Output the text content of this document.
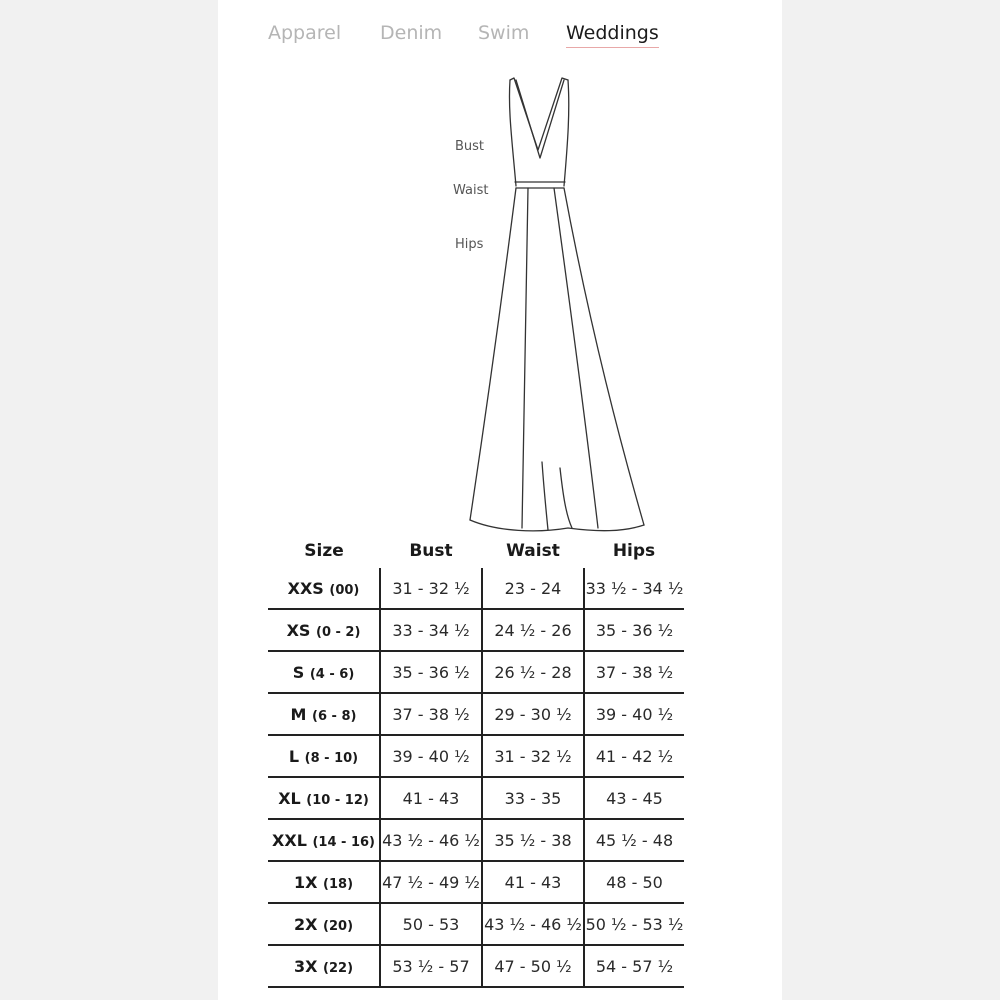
Apparel Denim Swim Weddings
Bust
Waist
Hips
Size	Bust	Waist	Hips
XXS (00)	31 - 32 ½	23 - 24	33 ½ - 34 ½
XS (0 - 2)	33 - 34 ½	24 ½ - 26	35 - 36 ½
S (4 - 6)	35 - 36 ½	26 ½ - 28	37 - 38 ½
M (6 - 8)	37 - 38 ½	29 - 30 ½	39 - 40 ½
L (8 - 10)	39 - 40 ½	31 - 32 ½	41 - 42 ½
XL (10 - 12)	41 - 43	33 - 35	43 - 45
XXL (14 - 16)	43 ½ - 46 ½	35 ½ - 38	45 ½ - 48
1X (18)	47 ½ - 49 ½	41 - 43	48 - 50
2X (20)	50 - 53	43 ½ - 46 ½	50 ½ - 53 ½
3X (22)	53 ½ - 57	47 - 50 ½	54 - 57 ½
